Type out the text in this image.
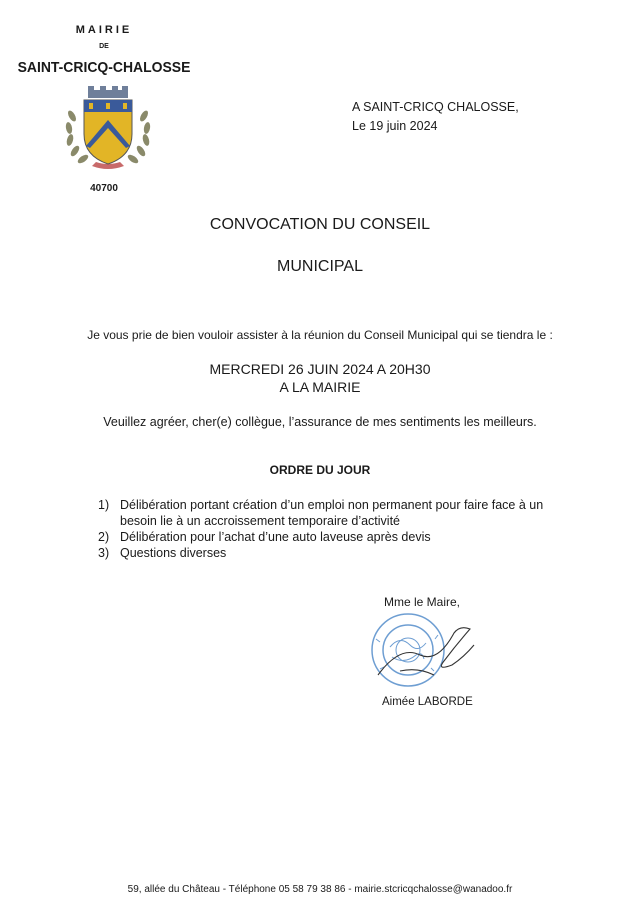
MAIRIE
DE
SAINT-CRICQ-CHALOSSE
40700
A SAINT-CRICQ CHALOSSE,
Le 19 juin 2024
CONVOCATION DU CONSEIL
MUNICIPAL
Je vous prie de bien vouloir assister à la réunion du Conseil Municipal qui se tiendra le :
MERCREDI 26 JUIN 2024 A 20H30
A LA MAIRIE
Veuillez agréer, cher(e) collègue, l’assurance de mes sentiments les meilleurs.
ORDRE DU JOUR
1) Délibération portant création d’un emploi non permanent pour faire face à un besoin lie à un accroissement temporaire d’activité
2) Délibération pour l’achat d’une auto laveuse après devis
3) Questions diverses
Mme le Maire,
Aimée LABORDE
59, allée du Château - Téléphone 05 58 79 38 86 - mairie.stcricqchalosse@wanadoo.fr
